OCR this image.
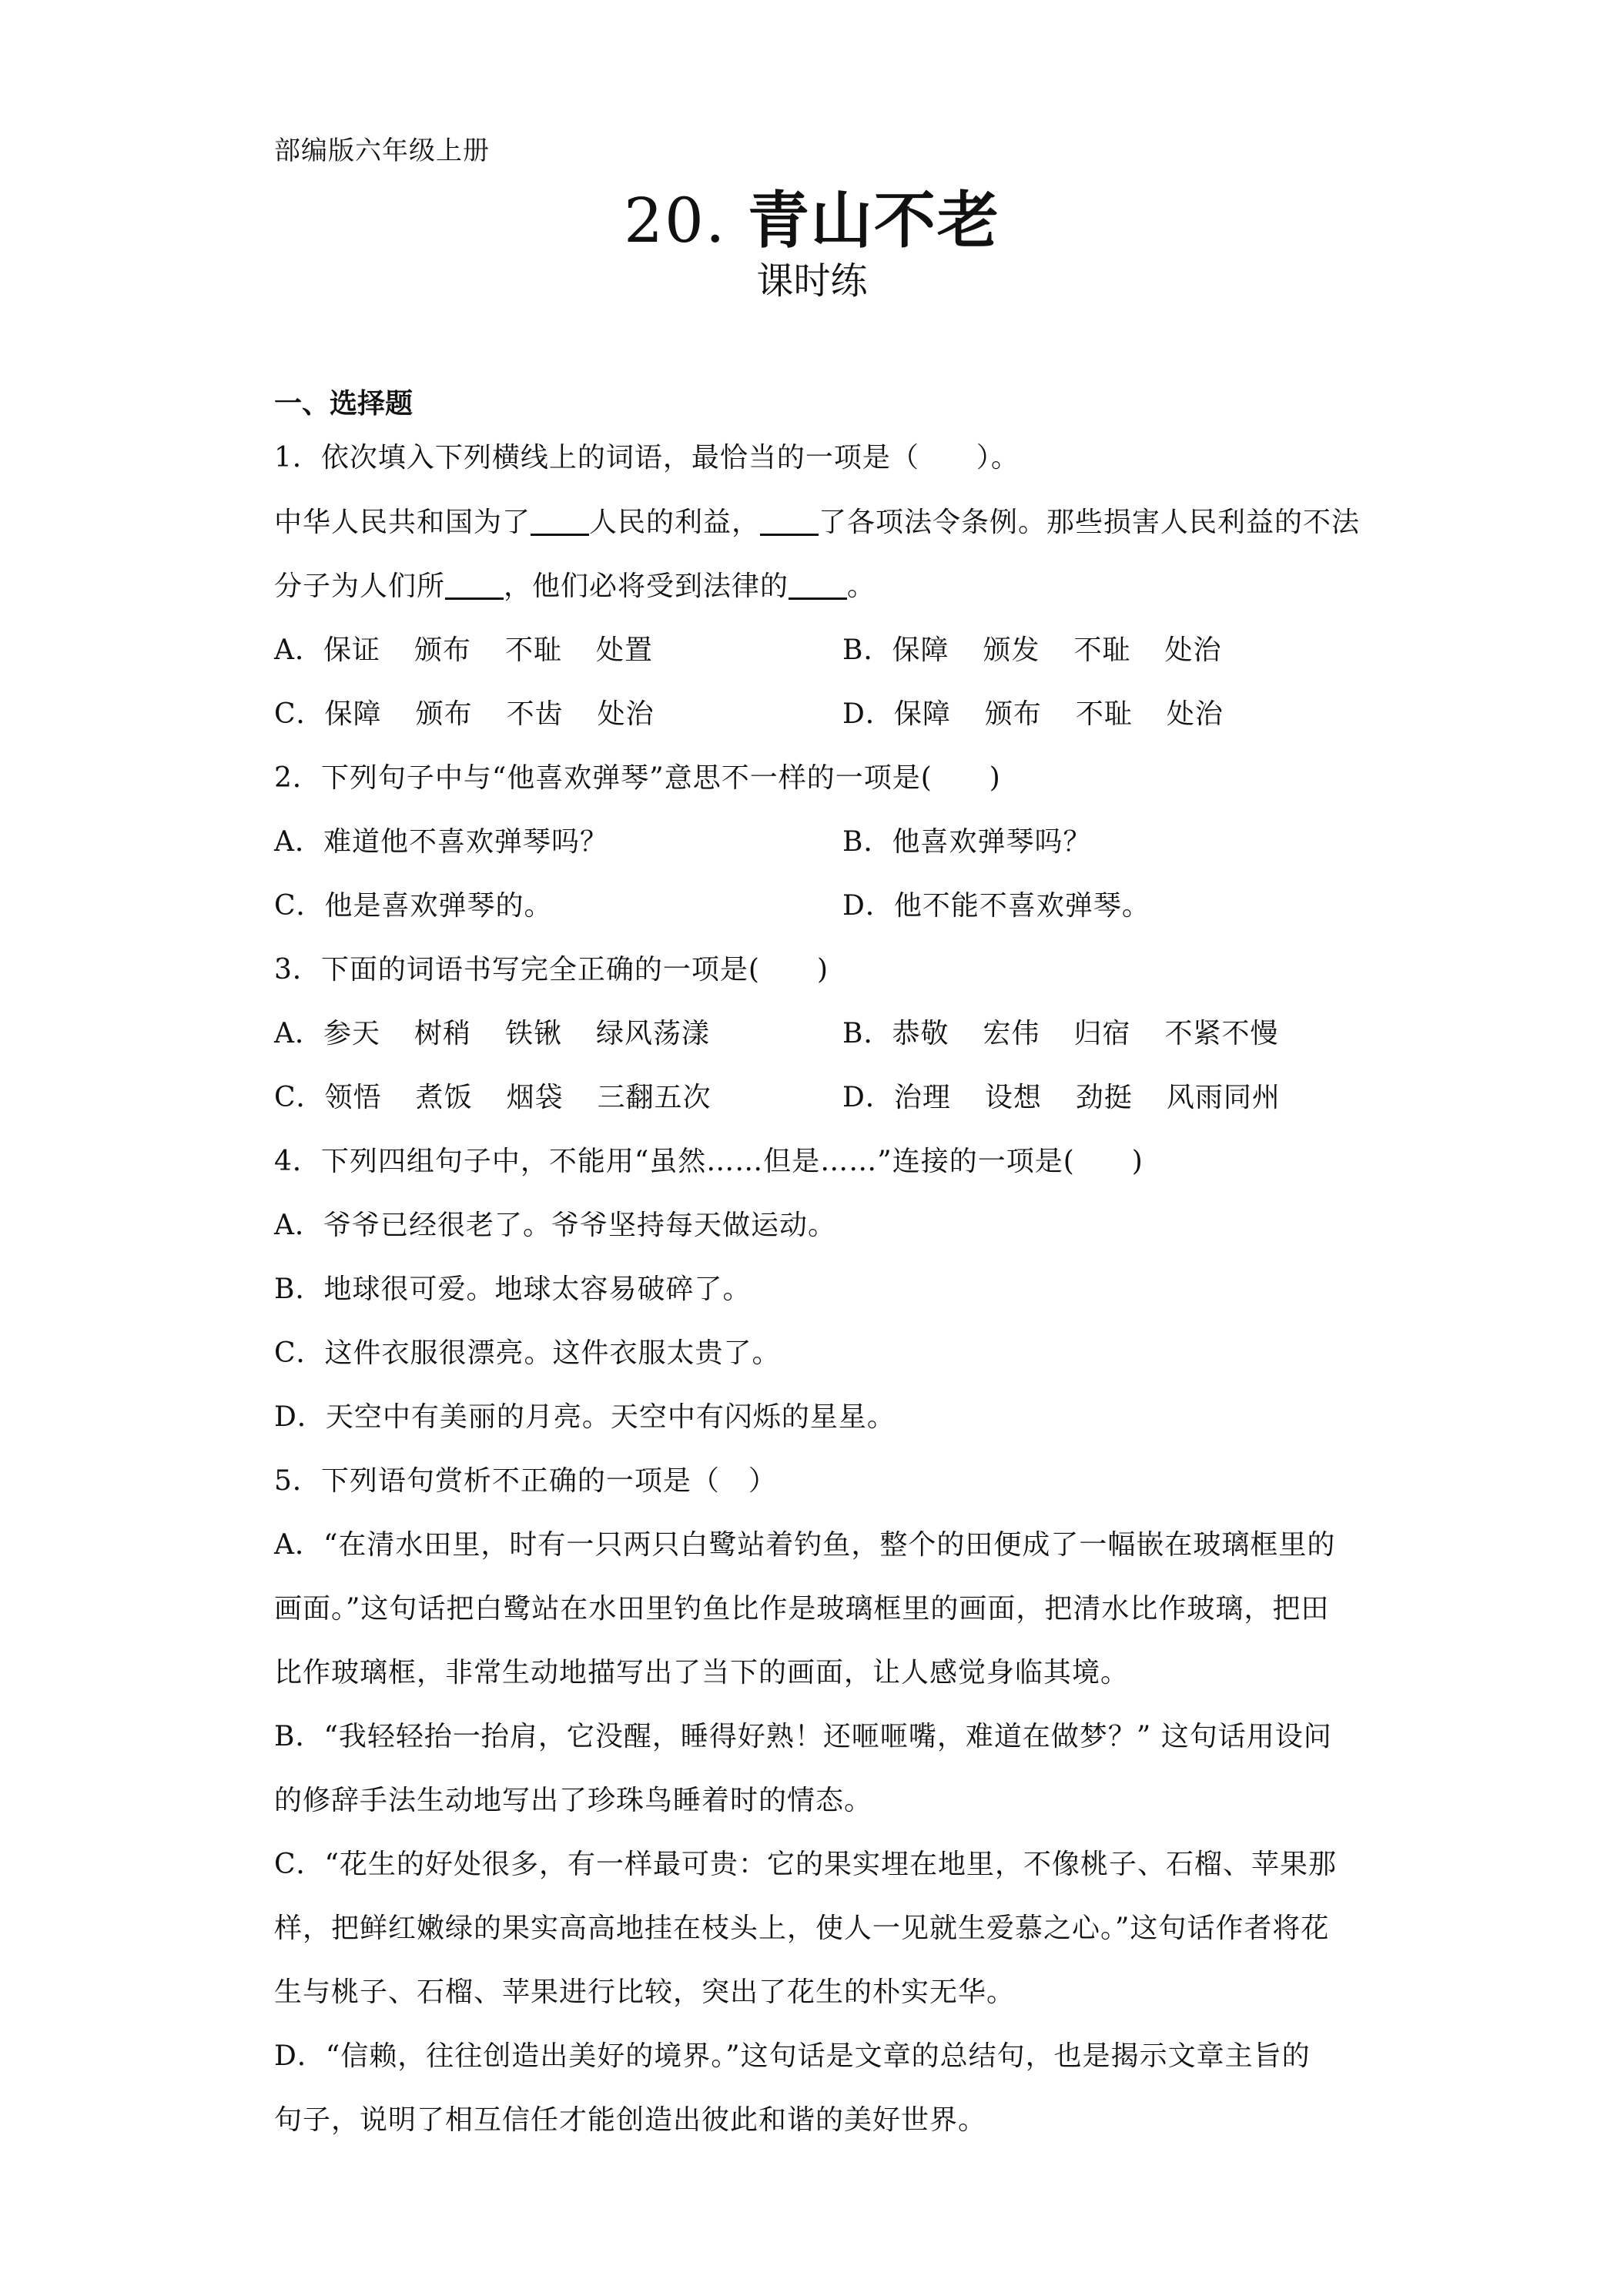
部编版六年级上册
20. 青山不老
课时练
一、选择题
1．依次填入下列横线上的词语，最恰当的一项是（　　）。
中华人民共和国为了 人民的利益， 了各项法令条例。那些损害人民利益的不法
分子为人们所 ，他们必将受到法律的 。
A．保证 颁布 不耻 处置	B．保障 颁发 不耻 处治
C．保障 颁布 不齿 处治	D．保障 颁布 不耻 处治
2．下列句子中与“他喜欢弹琴”意思不一样的一项是(　　)
A．难道他不喜欢弹琴吗？	B．他喜欢弹琴吗？
C．他是喜欢弹琴的。	D．他不能不喜欢弹琴。
3．下面的词语书写完全正确的一项是(　　)
A．参天 树稍 铁锹 绿风荡漾	B．恭敬 宏伟 归宿 不紧不慢
C．领悟 煮饭 烟袋 三翻五次	D．治理 设想 劲挺 风雨同州
4．下列四组句子中，不能用“虽然……但是……”连接的一项是(　　)
A．爷爷已经很老了。爷爷坚持每天做运动。
B．地球很可爱。地球太容易破碎了。
C．这件衣服很漂亮。这件衣服太贵了。
D．天空中有美丽的月亮。天空中有闪烁的星星。
5．下列语句赏析不正确的一项是（　）
A．“在清水田里，时有一只两只白鹭站着钓鱼，整个的田便成了一幅嵌在玻璃框里的
画面。”这句话把白鹭站在水田里钓鱼比作是玻璃框里的画面，把清水比作玻璃，把田
比作玻璃框，非常生动地描写出了当下的画面，让人感觉身临其境。
B．“我轻轻抬一抬肩，它没醒，睡得好熟！还咂咂嘴，难道在做梦？” 这句话用设问
的修辞手法生动地写出了珍珠鸟睡着时的情态。
C．“花生的好处很多，有一样最可贵：它的果实埋在地里，不像桃子、石榴、苹果那
样，把鲜红嫩绿的果实高高地挂在枝头上，使人一见就生爱慕之心。”这句话作者将花
生与桃子、石榴、苹果进行比较，突出了花生的朴实无华。
D．“信赖，往往创造出美好的境界。”这句话是文章的总结句，也是揭示文章主旨的
句子，说明了相互信任才能创造出彼此和谐的美好世界。
